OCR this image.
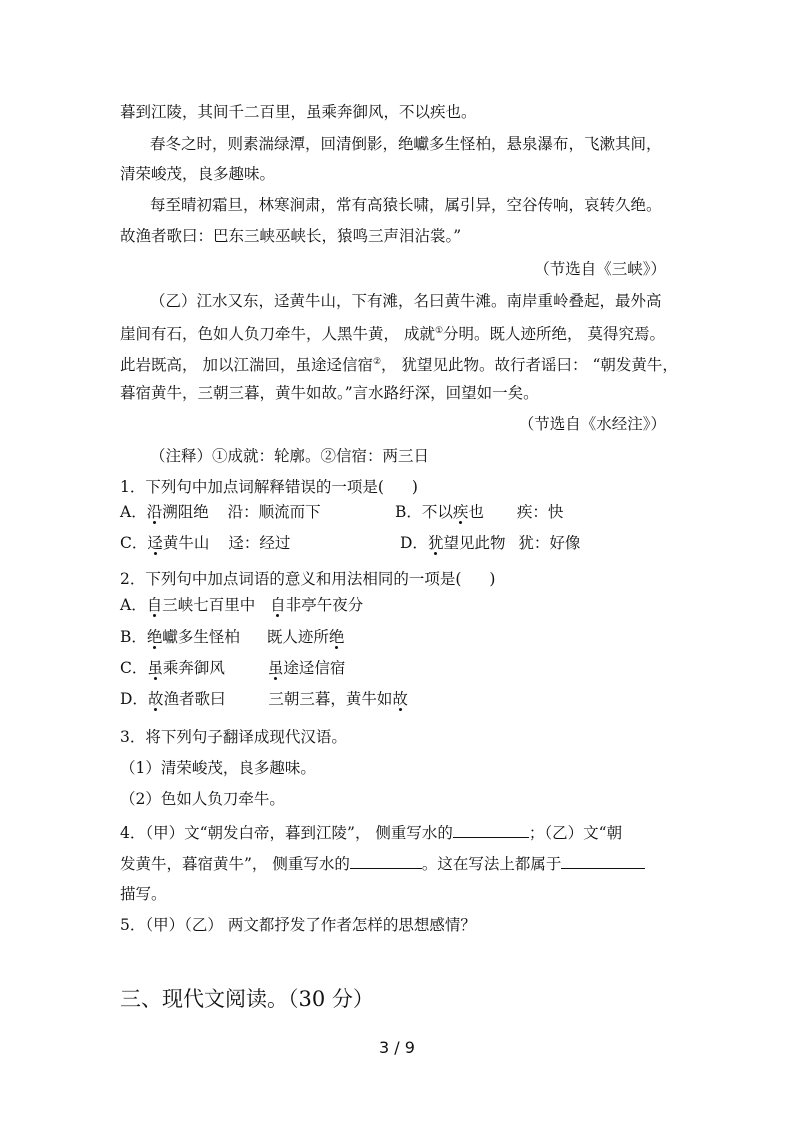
暮到江陵，其间千二百里，虽乘奔御风，不以疾也。
春冬之时，则素湍绿潭，回清倒影，绝巘多生怪柏，悬泉瀑布，飞漱其间，
清荣峻茂，良多趣味。
每至晴初霜旦，林寒涧肃，常有高猿长啸，属引异，空谷传响，哀转久绝。
故渔者歌曰：巴东三峡巫峡长，猿鸣三声泪沾裳。”
（节选自《三峡》）
（乙）江水又东，迳黄牛山，下有滩，名曰黄牛滩。南岸重岭叠起，最外高
崖间有石，色如人负刀牵牛，人黑牛黄， 成就①分明。既人迹所绝， 莫得究焉。
此岩既高， 加以江湍回，虽途迳信宿②， 犹望见此物。故行者谣曰： “朝发黄牛，
暮宿黄牛，三朝三暮，黄牛如故。”言水路纡深，回望如一矣。
（节选自《水经注》）
（注释）①成就：轮廓。②信宿：两三日
1．下列句中加点词解释错误的一项是( )
A．沿溯阻绝 沿：顺流而下	B．不以疾也 疾：快
C．迳黄牛山 迳：经过	D．犹望见此物 犹：好像
2．下列句中加点词语的意义和用法相同的一项是( )
A．自三峡七百里中 自非亭午夜分
B．绝巘多生怪柏 既人迹所绝
C．虽乘奔御风	虽途迳信宿
D．故渔者歌曰	三朝三暮，黄牛如故
3．将下列句子翻译成现代汉语。
（1）清荣峻茂，良多趣味。
（2）色如人负刀牵牛。
4．（甲）文“朝发白帝，暮到江陵”， 侧重写水的	；（乙）文“朝
发黄牛，暮宿黄牛”， 侧重写水的	。这在写法上都属于
描写。
5．（甲）（乙） 两文都抒发了作者怎样的思想感情？
三、现代文阅读。（30 分）
3 / 9
